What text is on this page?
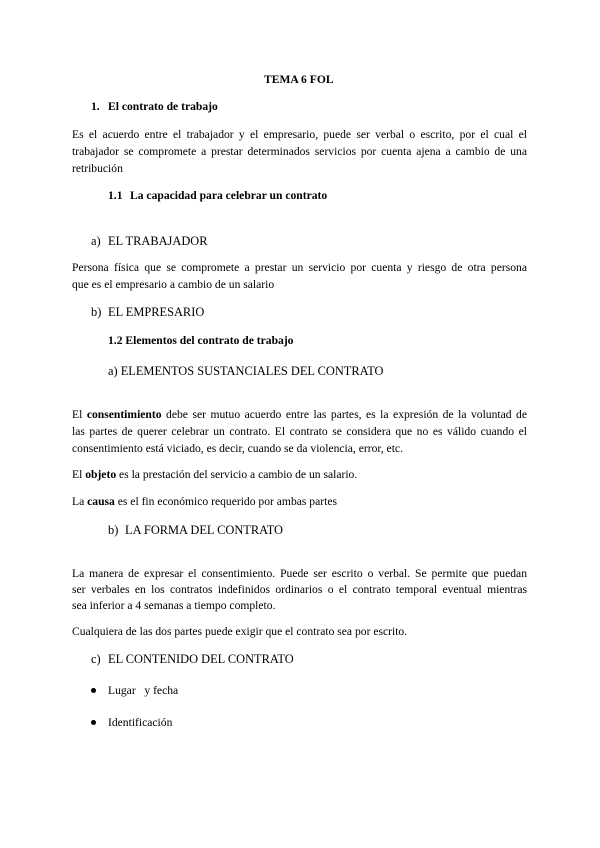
TEMA 6 FOL

1. El contrato de trabajo

Es el acuerdo entre el trabajador y el empresario, puede ser verbal o escrito, por el cual el

trabajador se compromete a prestar determinados servicios por cuenta ajena a cambio de una

retribución

1.1 La capacidad para celebrar un contrato

a) EL TRABAJADOR

Persona física que se compromete a prestar un servicio por cuenta y riesgo de otra persona

que es el empresario a cambio de un salario

b) EL EMPRESARIO

1.2 Elementos del contrato de trabajo

a) ELEMENTOS SUSTANCIALES DEL CONTRATO

El consentimiento debe ser mutuo acuerdo entre las partes, es la expresión de la voluntad de

las partes de querer celebrar un contrato. El contrato se considera que no es válido cuando el

consentimiento está viciado, es decir, cuando se da violencia, error, etc.

El objeto es la prestación del servicio a cambio de un salario.

La causa es el fin económico requerido por ambas partes

b) LA FORMA DEL CONTRATO

La manera de expresar el consentimiento. Puede ser escrito o verbal. Se permite que puedan

ser verbales en los contratos indefinidos ordinarios o el contrato temporal eventual mientras

sea inferior a 4 semanas a tiempo completo.

Cualquiera de las dos partes puede exigir que el contrato sea por escrito.

c) EL CONTENIDO DEL CONTRATO

Lugar   y fecha

Identificación
